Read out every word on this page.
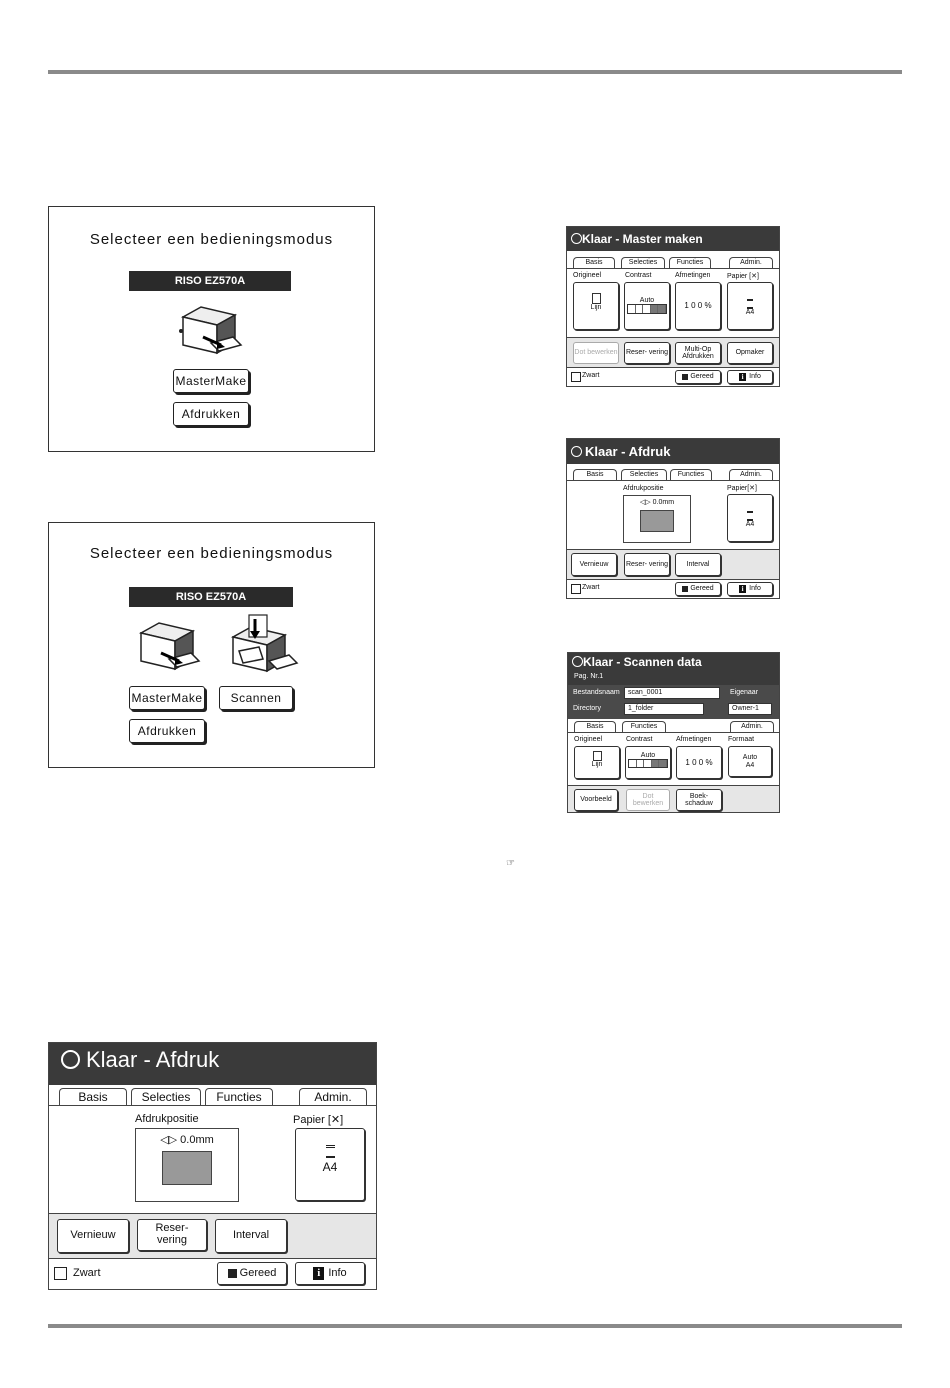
Selecteer een bedieningsmodus
RISO EZ570A
MasterMake
Afdrukken
Selecteer een bedieningsmodus
RISO EZ570A
MasterMake	Scannen
Afdrukken
Klaar - Master maken
Basis	Selecties	Functies	Admin.
Origineel	Contrast	Afmetingen Papier [✕]
Lijn
Auto
1 0 0 %
A4
Dot bewerken Reser- vering
Multi-Op Afdrukken
Opmaker
Zwart	Gereed	i Info
Klaar - Afdruk
Basis	Selecties	Functies	Admin.
Afdrukpositie
◁▷ 0.0mm
Papier[✕]
A4
Vernieuw	Reser- vering	Interval
Zwart	Gereed	i Info
Klaar - Scannen data
Pag. Nr.1
Bestandsnaam	scan_0001	Eigenaar
Directory	1_folder	Owner-1
Basis	Functies	Admin.
Origineel	Contrast	Afmetingen Formaat
Lijn
Auto
1 0 0 %
Auto A4
Voorbeeld
Dot bewerken
Boek- schaduw
☞
Klaar - Afdruk
Basis	Selecties	Functies	Admin.
Afdrukpositie
◁▷ 0.0mm
Papier [✕]
A4
Vernieuw
Reser- vering	Interval
Zwart	Gereed	i Info
